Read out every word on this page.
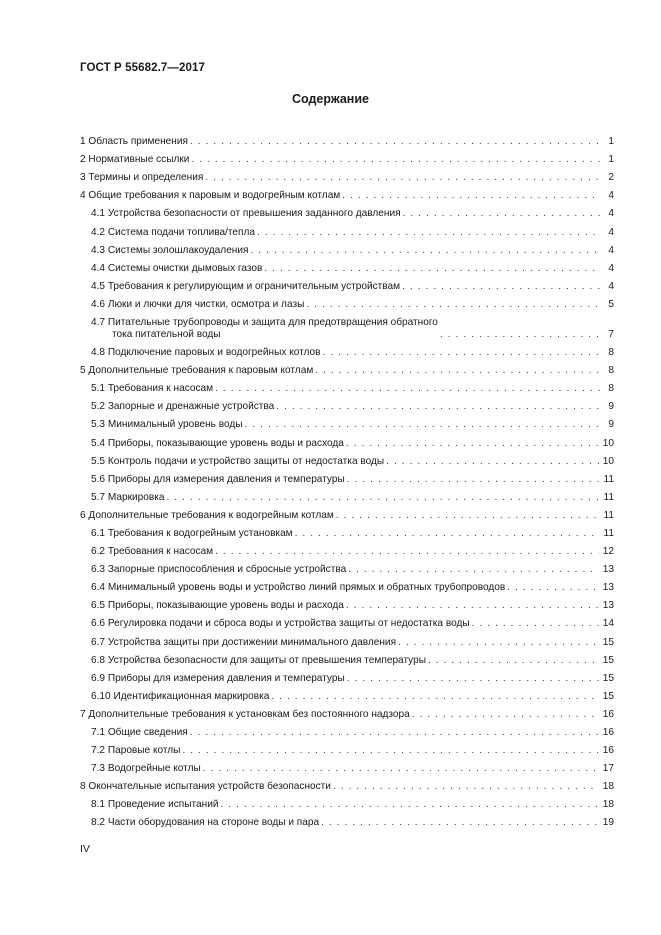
ГОСТ Р 55682.7—2017
Содержание
1 Область применения . . .	1
2 Нормативные ссылки . . .	1
3 Термины и определения . . .	2
4 Общие требования к паровым и водогрейным котлам . . .	4
4.1 Устройства безопасности от превышения заданного давления . . .	4
4.2 Система подачи топлива/тепла . . .	4
4.3 Системы золошлакоудаления . . .	4
4.4 Системы очистки дымовых газов . . .	4
4.5 Требования к регулирующим и ограничительным устройствам . . .	4
4.6 Люки и лючки для чистки, осмотра и лазы . . .	5
4.7 Питательные трубопроводы и защита для предотвращения обратного
тока питательной воды . . .	7
4.8 Подключение паровых и водогрейных котлов . . .	8
5 Дополнительные требования к паровым котлам . . .	8
5.1 Требования к насосам . . .	8
5.2 Запорные и дренажные устройства . . .	9
5.3 Минимальный уровень воды . . .	9
5.4 Приборы, показывающие уровень воды и расхода . . .	10
5.5 Контроль подачи и устройство защиты от недостатка воды . . .	10
5.6 Приборы для измерения давления и температуры . . .	11
5.7 Маркировка . . .	11
6 Дополнительные требования к водогрейным котлам . . .	11
6.1 Требования к водогрейным установкам . . .	11
6.2 Требования к насосам . . .	12
6.3 Запорные приспособления и сбросные устройства . . .	13
6.4 Минимальный уровень воды и устройство линий прямых и обратных трубопроводов . . .	13
6.5 Приборы, показывающие уровень воды и расхода . . .	13
6.6 Регулировка подачи и сброса воды и устройства защиты от недостатка воды . . .	14
6.7 Устройства защиты при достижении минимального давления . . .	15
6.8 Устройства безопасности для защиты от превышения температуры . . .	15
6.9 Приборы для измерения давления и температуры . . .	15
6.10 Идентификационная маркировка . . .	15
7 Дополнительные требования к установкам без постоянного надзора . . .	16
7.1 Общие сведения . . .	16
7.2 Паровые котлы . . .	16
7.3 Водогрейные котлы . . .	17
8 Окончательные испытания устройств безопасности . . .	18
8.1 Проведение испытаний . . .	18
8.2 Части оборудования на стороне воды и пара . . .	19
IV
